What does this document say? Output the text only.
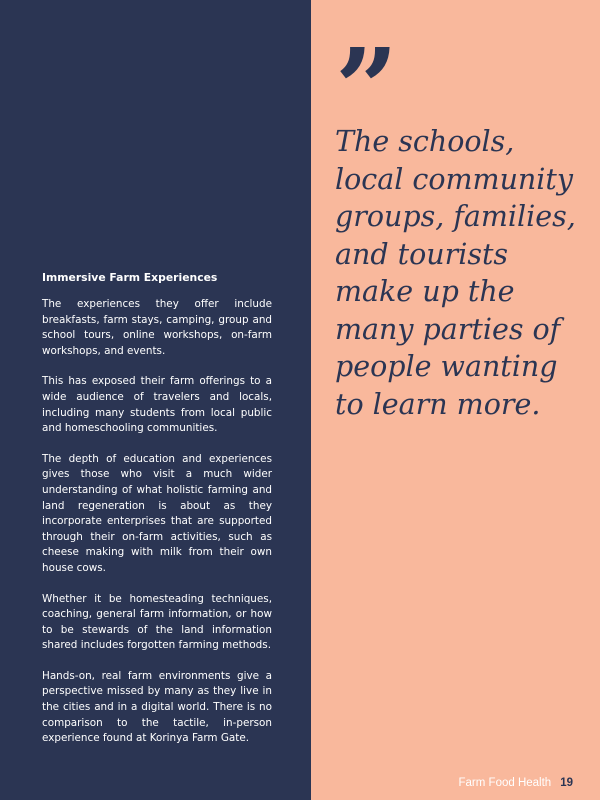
Immersive Farm Experiences

The experiences they offer include breakfasts, farm stays, camping, group and school tours, online workshops, on-farm workshops, and events.

This has exposed their farm offerings to a wide audience of travelers and locals, including many students from local public and homeschooling communities.

The depth of education and experiences gives those who visit a much wider understanding of what holistic farming and land regeneration is about as they incorporate enterprises that are supported through their on-farm activities, such as cheese making with milk from their own house cows.

Whether it be homesteading techniques, coaching, general farm information, or how to be stewards of the land information shared includes forgotten farming methods.

Hands-on, real farm environments give a perspective missed by many as they live in the cities and in a digital world. There is no comparison to the tactile, in-person experience found at Korinya Farm Gate.

”
The schools, local community groups, families, and tourists make up the many parties of people wanting to learn more.
Farm Food Health 19
